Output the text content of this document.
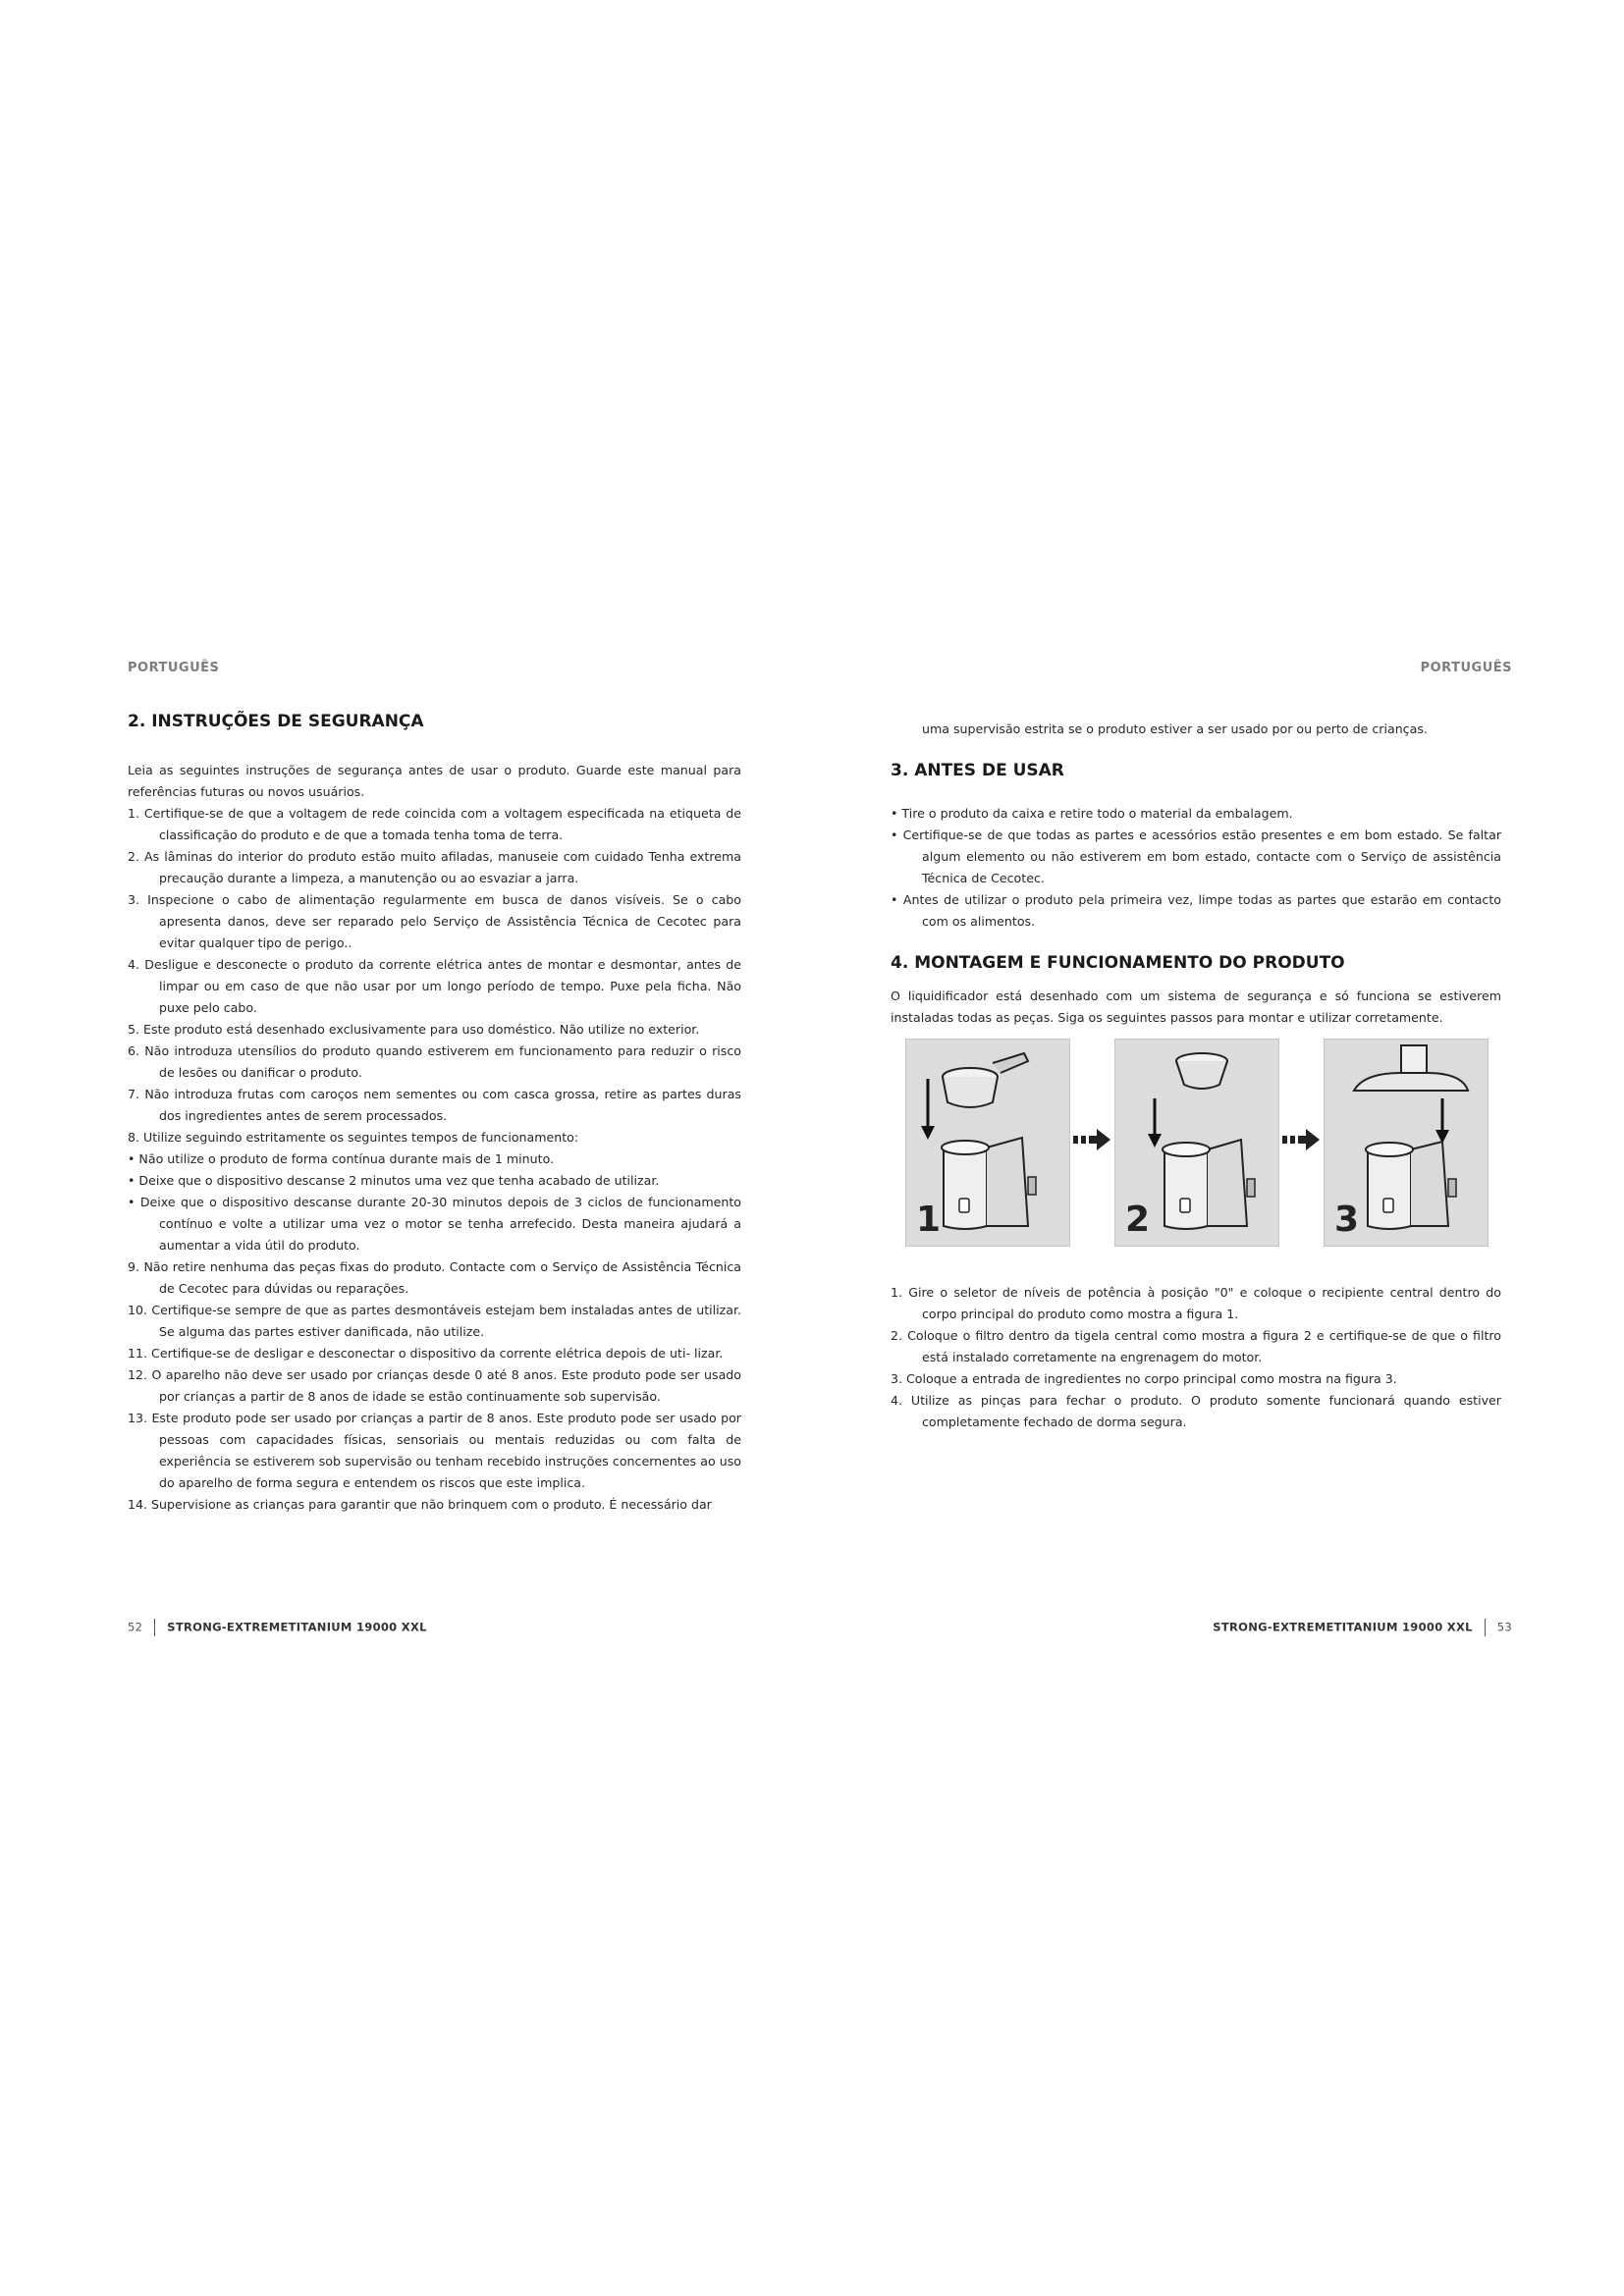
PORTUGUÊS	PORTUGUÊS
2. INSTRUÇÕES DE SEGURANÇA

Leia as seguintes instruções de segurança antes de usar o produto. Guarde este manual para referências futuras ou novos usuários.

1. Certifique-se de que a voltagem de rede coincida com a voltagem especificada na etiqueta de classificação do produto e de que a tomada tenha toma de terra.

2. As lâminas do interior do produto estão muito afiladas, manuseie com cuidado Tenha extrema precaução durante a limpeza, a manutenção ou ao esvaziar a jarra.

3. Inspecione o cabo de alimentação regularmente em busca de danos visíveis. Se o cabo apresenta danos, deve ser reparado pelo Serviço de Assistência Técnica de Cecotec para evitar qualquer tipo de perigo..

4. Desligue e desconecte o produto da corrente elétrica antes de montar e desmontar, antes de limpar ou em caso de que não usar por um longo período de tempo. Puxe pela ficha. Não puxe pelo cabo.

5. Este produto está desenhado exclusivamente para uso doméstico. Não utilize no exterior.

6. Não introduza utensílios do produto quando estiverem em funcionamento para reduzir o risco de lesões ou danificar o produto.

7. Não introduza frutas com caroços nem sementes ou com casca grossa, retire as partes duras dos ingredientes antes de serem processados.

8. Utilize seguindo estritamente os seguintes tempos de funcionamento:

• Não utilize o produto de forma contínua durante mais de 1 minuto.

• Deixe que o dispositivo descanse 2 minutos uma vez que tenha acabado de utilizar.

• Deixe que o dispositivo descanse durante 20-30 minutos depois de 3 ciclos de funcionamento contínuo e volte a utilizar uma vez o motor se tenha arrefecido. Desta maneira ajudará a aumentar a vida útil do produto.

9. Não retire nenhuma das peças fixas do produto. Contacte com o Serviço de Assistência Técnica de Cecotec para dúvidas ou reparações.

10. Certifique-se sempre de que as partes desmontáveis estejam bem instaladas antes de utilizar. Se alguma das partes estiver danificada, não utilize.

11. Certifique-se de desligar e desconectar o dispositivo da corrente elétrica depois de uti- lizar.

12. O aparelho não deve ser usado por crianças desde 0 até 8 anos. Este produto pode ser usado por crianças a partir de 8 anos de idade se estão continuamente sob supervisão.

13. Este produto pode ser usado por crianças a partir de 8 anos. Este produto pode ser usado por pessoas com capacidades físicas, sensoriais ou mentais reduzidas ou com falta de experiência se estiverem sob supervisão ou tenham recebido instruções concernentes ao uso do aparelho de forma segura e entendem os riscos que este implica.

14. Supervisione as crianças para garantir que não brinquem com o produto. É necessário dar

uma supervisão estrita se o produto estiver a ser usado por ou perto de crianças.

3. ANTES DE USAR

• Tire o produto da caixa e retire todo o material da embalagem.

• Certifique-se de que todas as partes e acessórios estão presentes e em bom estado. Se faltar algum elemento ou não estiverem em bom estado, contacte com o Serviço de assistência Técnica de Cecotec.

• Antes de utilizar o produto pela primeira vez, limpe todas as partes que estarão em contacto com os alimentos.

4. MONTAGEM E FUNCIONAMENTO DO PRODUTO

O liquidificador está desenhado com um sistema de segurança e só funciona se estiverem instaladas todas as peças. Siga os seguintes passos para montar e utilizar corretamente.

1	2	3

1. Gire o seletor de níveis de potência à posição "0" e coloque o recipiente central dentro do corpo principal do produto como mostra a figura 1.

2. Coloque o filtro dentro da tigela central como mostra a figura 2 e certifique-se de que o filtro está instalado corretamente na engrenagem do motor.

3. Coloque a entrada de ingredientes no corpo principal como mostra na figura 3.

4. Utilize as pinças para fechar o produto. O produto somente funcionará quando estiver completamente fechado de dorma segura.

52 STRONG-EXTREMETITANIUM 19000 XXL	STRONG-EXTREMETITANIUM 19000 XXL 53
